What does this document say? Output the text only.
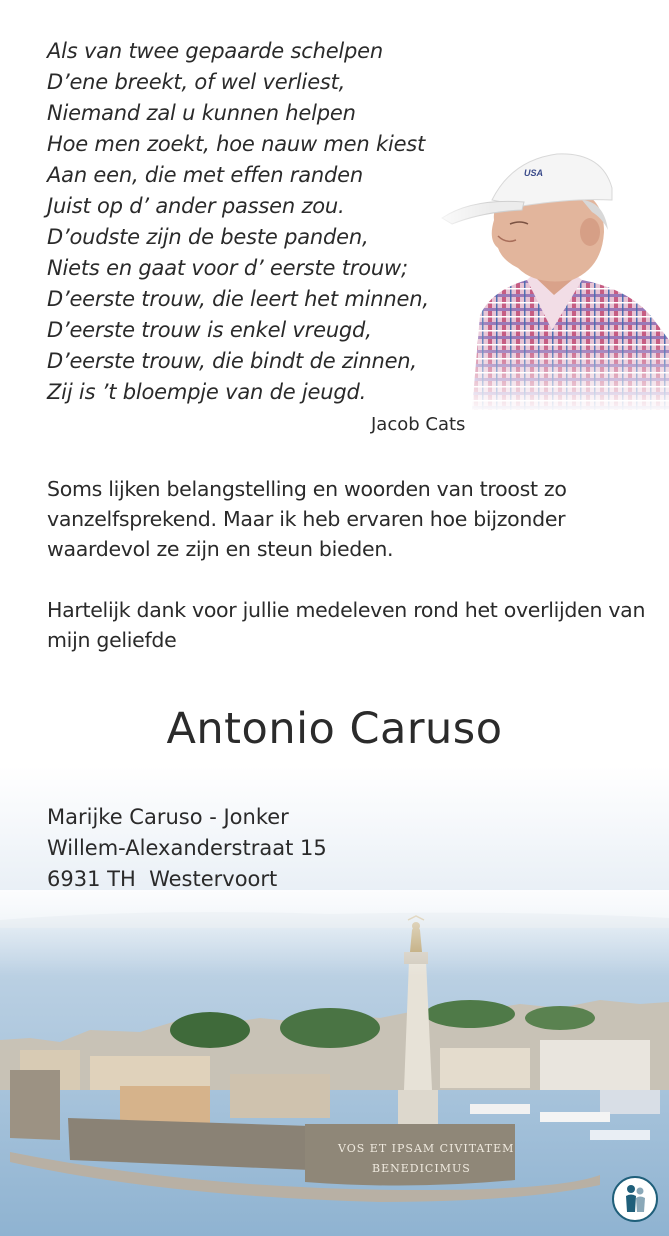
Als van twee gepaarde schelpen
D’ene breekt, of wel verliest,
Niemand zal u kunnen helpen
Hoe men zoekt, hoe nauw men kiest
Aan een, die met effen randen
Juist op d’ ander passen zou.
D’oudste zijn de beste panden,
Niets en gaat voor d’ eerste trouw;
D’eerste trouw, die leert het minnen,
D’eerste trouw is enkel vreugd,
D’eerste trouw, die bindt de zinnen,
Zij is ’t bloempje van de jeugd.
Jacob Cats

Soms lijken belangstelling en woorden van troost zo vanzelfsprekend. Maar ik heb ervaren hoe bijzonder waardevol ze zijn en steun bieden.

Hartelijk dank voor jullie medeleven rond het overlijden van mijn geliefde

Antonio Caruso
Marijke Caruso - Jonker
Willem-Alexanderstraat 15
6931 TH  Westervoort
